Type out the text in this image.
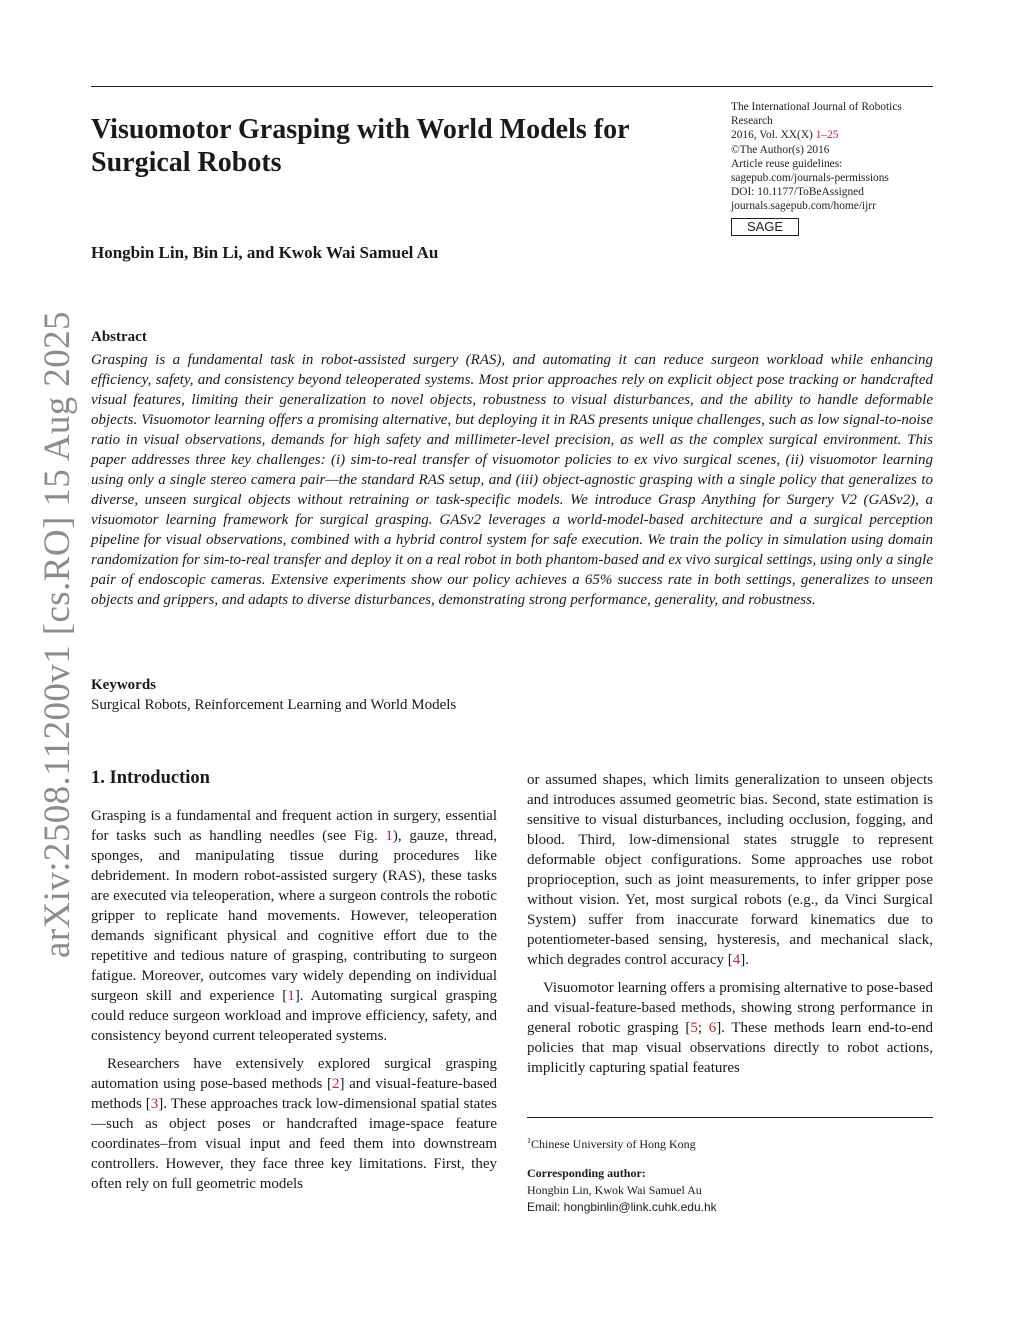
arXiv:2508.11200v1 [cs.RO] 15 Aug 2025
Visuomotor Grasping with World Models for Surgical Robots
The International Journal of Robotics
Research
2016, Vol. XX(X) 1–25
©The Author(s) 2016
Article reuse guidelines:
sagepub.com/journals-permissions
DOI: 10.1177/ToBeAssigned
journals.sagepub.com/home/ijrr
SAGE
Hongbin Lin, Bin Li, and Kwok Wai Samuel Au
Abstract

Grasping is a fundamental task in robot-assisted surgery (RAS), and automating it can reduce surgeon workload while enhancing efficiency, safety, and consistency beyond teleoperated systems. Most prior approaches rely on explicit object pose tracking or handcrafted visual features, limiting their generalization to novel objects, robustness to visual disturbances, and the ability to handle deformable objects. Visuomotor learning offers a promising alternative, but deploying it in RAS presents unique challenges, such as low signal-to-noise ratio in visual observations, demands for high safety and millimeter-level precision, as well as the complex surgical environment. This paper addresses three key challenges: (i) sim-to-real transfer of visuomotor policies to ex vivo surgical scenes, (ii) visuomotor learning using only a single stereo camera pair—the standard RAS setup, and (iii) object-agnostic grasping with a single policy that generalizes to diverse, unseen surgical objects without retraining or task-specific models. We introduce Grasp Anything for Surgery V2 (GASv2), a visuomotor learning framework for surgical grasping. GASv2 leverages a world-model-based architecture and a surgical perception pipeline for visual observations, combined with a hybrid control system for safe execution. We train the policy in simulation using domain randomization for sim-to-real transfer and deploy it on a real robot in both phantom-based and ex vivo surgical settings, using only a single pair of endoscopic cameras. Extensive experiments show our policy achieves a 65% success rate in both settings, generalizes to unseen objects and grippers, and adapts to diverse disturbances, demonstrating strong performance, generality, and robustness.

Keywords
Surgical Robots, Reinforcement Learning and World Models
1. Introduction

Grasping is a fundamental and frequent action in surgery, essential for tasks such as handling needles (see Fig. 1), gauze, thread, sponges, and manipulating tissue during procedures like debridement. In modern robot-assisted surgery (RAS), these tasks are executed via teleoperation, where a surgeon controls the robotic gripper to replicate hand movements. However, teleoperation demands significant physical and cognitive effort due to the repetitive and tedious nature of grasping, contributing to surgeon fatigue. Moreover, outcomes vary widely depending on individual surgeon skill and experience [1]. Automating surgical grasping could reduce surgeon workload and improve efficiency, safety, and consistency beyond current teleoperated systems.

Researchers have extensively explored surgical grasping automation using pose-based methods [2] and visual-feature-based methods [3]. These approaches track low-dimensional spatial states—such as object poses or handcrafted image-space feature coordinates–from visual input and feed them into downstream controllers. However, they face three key limitations. First, they often rely on full geometric models

or assumed shapes, which limits generalization to unseen objects and introduces assumed geometric bias. Second, state estimation is sensitive to visual disturbances, including occlusion, fogging, and blood. Third, low-dimensional states struggle to represent deformable object configurations. Some approaches use robot proprioception, such as joint measurements, to infer gripper pose without vision. Yet, most surgical robots (e.g., da Vinci Surgical System) suffer from inaccurate forward kinematics due to potentiometer-based sensing, hysteresis, and mechanical slack, which degrades control accuracy [4].

Visuomotor learning offers a promising alternative to pose-based and visual-feature-based methods, showing strong performance in general robotic grasping [5; 6]. These methods learn end-to-end policies that map visual observations directly to robot actions, implicitly capturing spatial features

$^1$Chinese University of Hong Kong
Corresponding author:
Hongbin Lin, Kwok Wai Samuel Au
Email: hongbinlin@link.cuhk.edu.hk
